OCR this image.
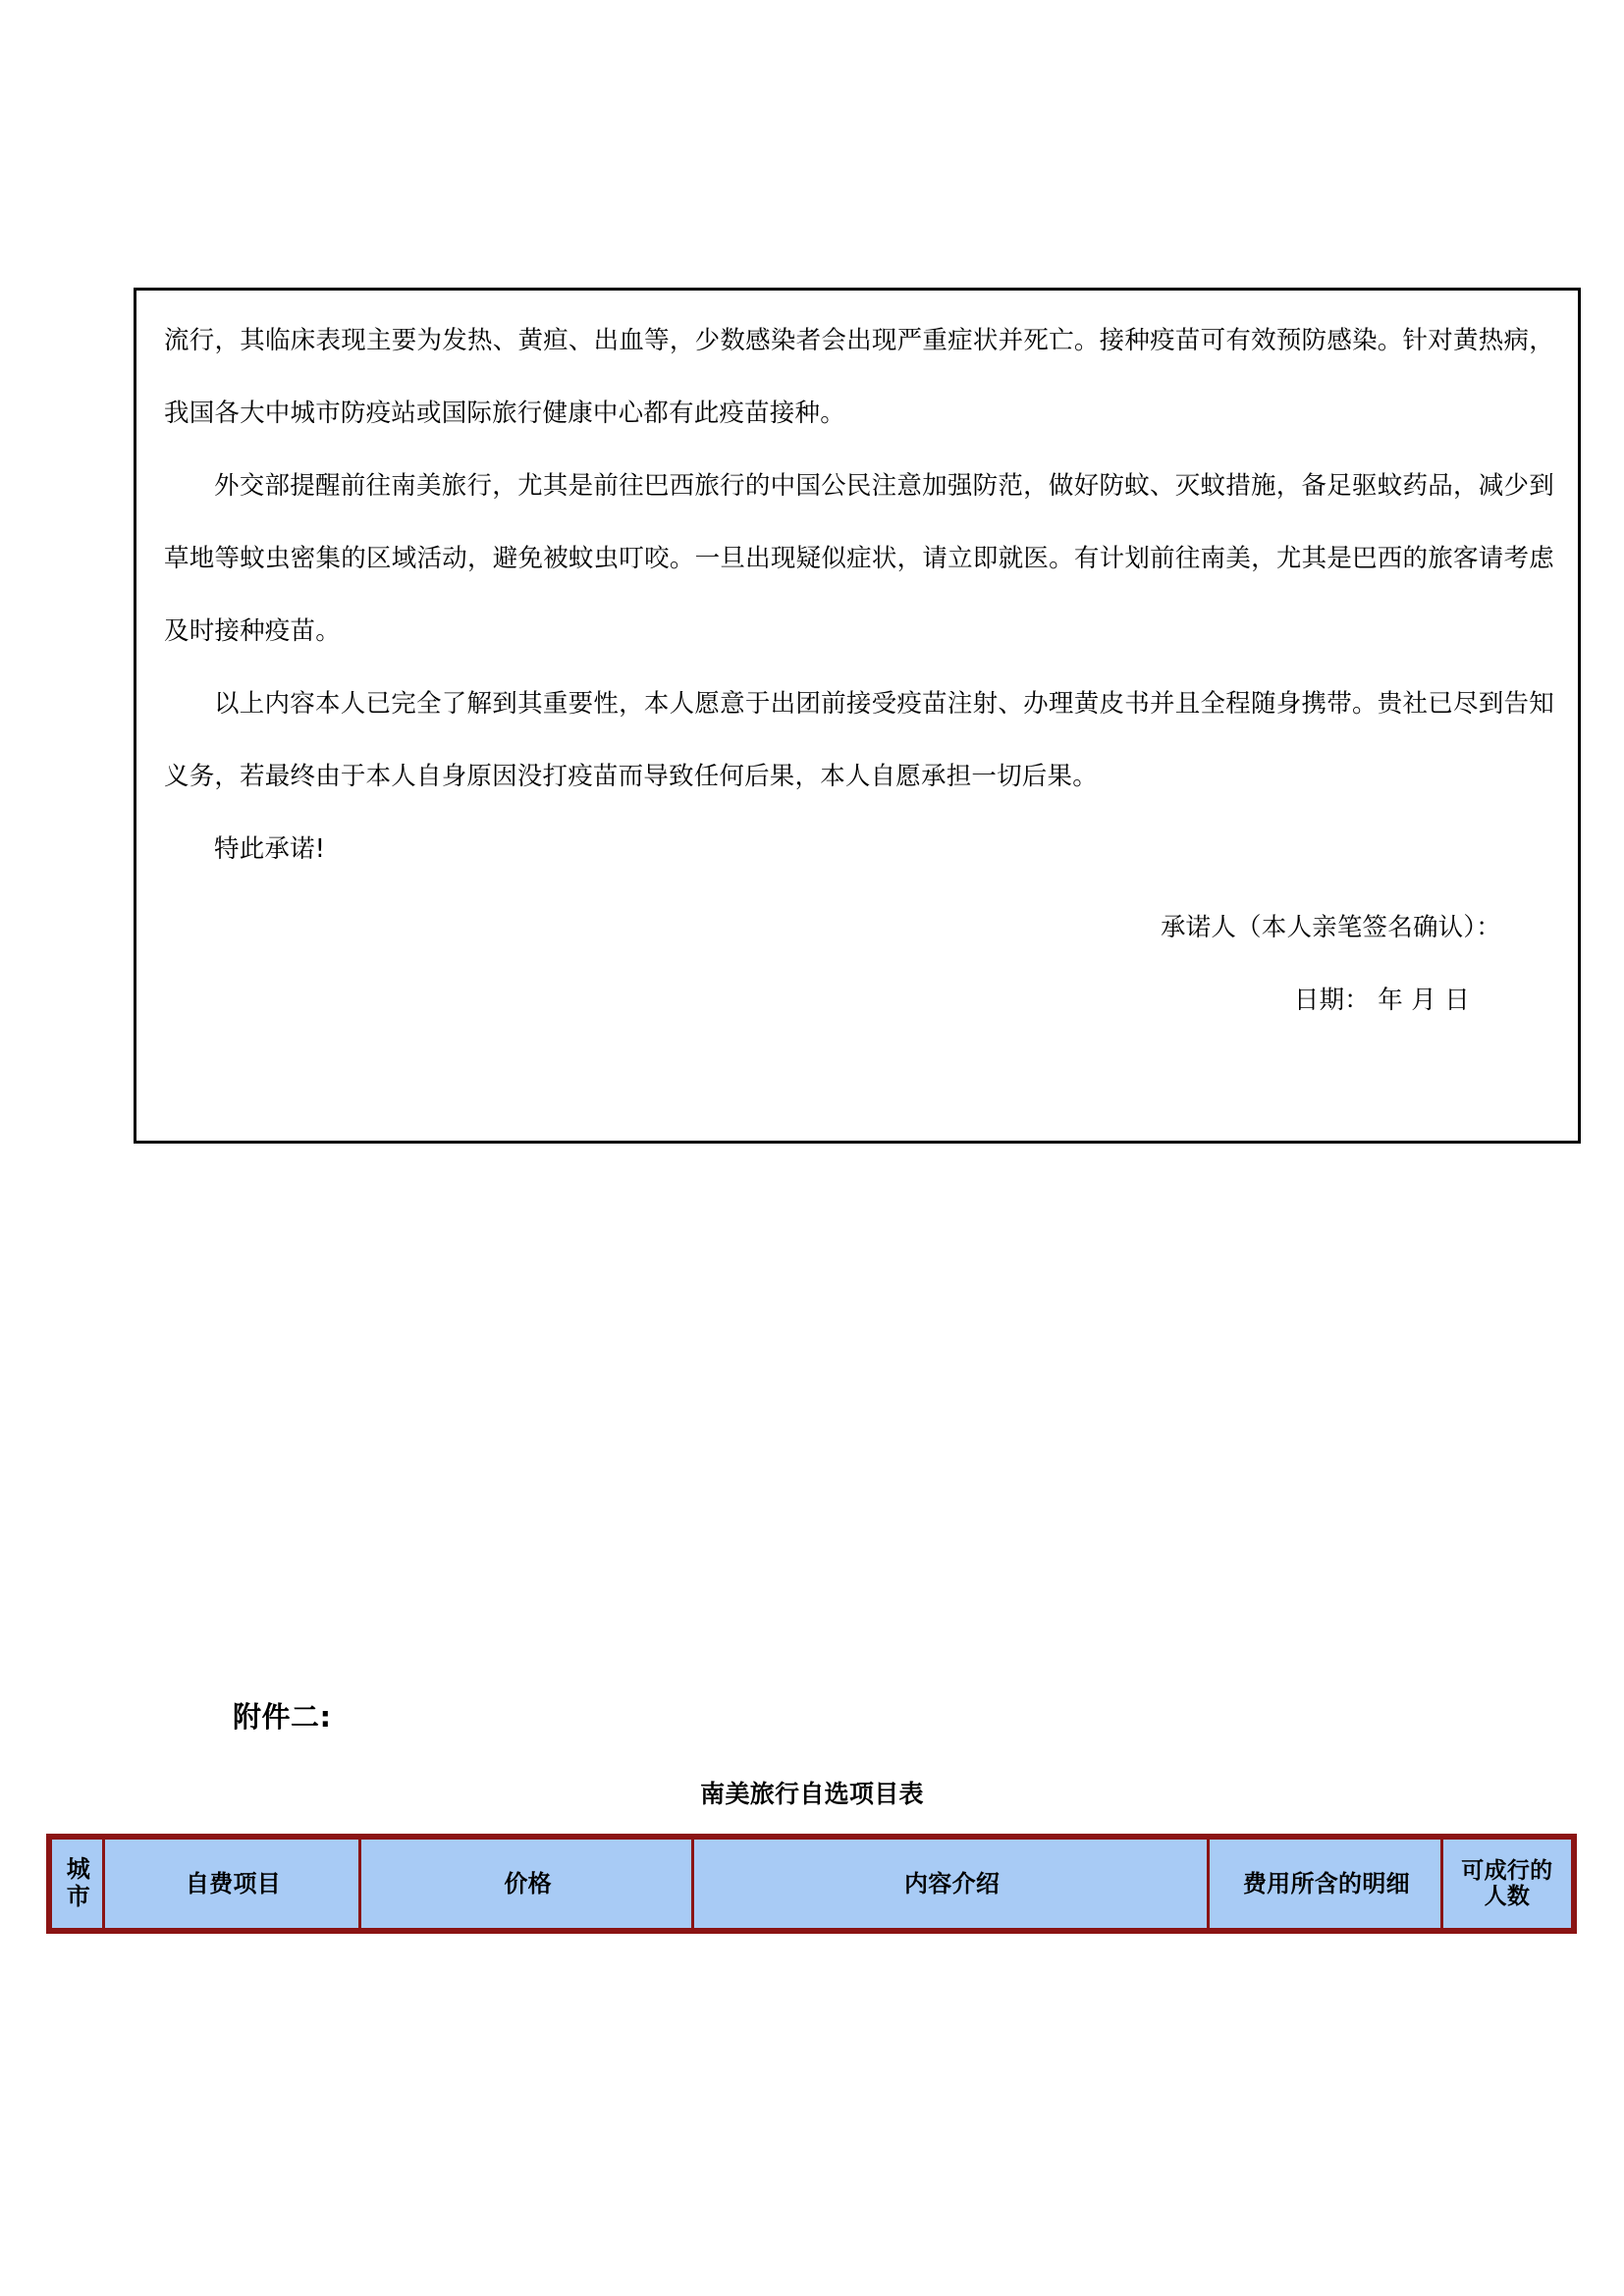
流行，其临床表现主要为发热、黄疸、出血等，少数感染者会出现严重症状并死亡。接种疫苗可有效预防感染。针对黄热病，我国各大中城市防疫站或国际旅行健康中心都有此疫苗接种。

外交部提醒前往南美旅行，尤其是前往巴西旅行的中国公民注意加强防范，做好防蚊、灭蚊措施，备足驱蚊药品，减少到草地等蚊虫密集的区域活动，避免被蚊虫叮咬。一旦出现疑似症状，请立即就医。有计划前往南美，尤其是巴西的旅客请考虑及时接种疫苗。

以上内容本人已完全了解到其重要性，本人愿意于出团前接受疫苗注射、办理黄皮书并且全程随身携带。贵社已尽到告知义务，若最终由于本人自身原因没打疫苗而导致任何后果，本人自愿承担一切后果。

特此承诺!

承诺人（本人亲笔签名确认）：

日期： 年 月 日

附件二:
南美旅行自选项目表
城
市	自费项目	价格	内容介绍	费用所含的明细	可成行的
人数
